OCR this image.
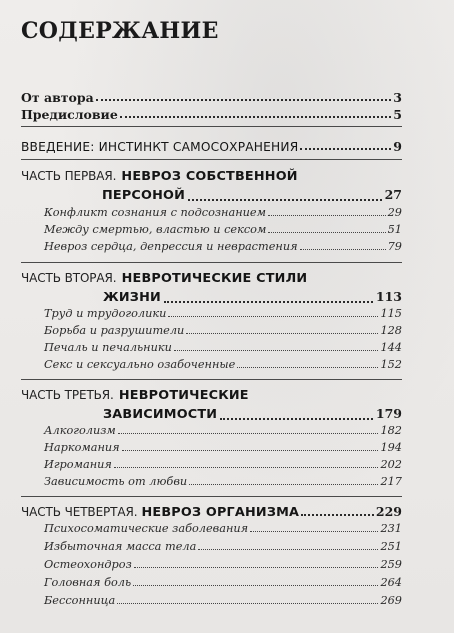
СОДЕРЖАНИЕ
От автора	3
Предисловие	5
ВВЕДЕНИЕ: ИНСТИНКТ САМОСОХРАНЕНИЯ	9
ЧАСТЬ ПЕРВАЯ. НЕВРОЗ СОБСТВЕННОЙ
ПЕРСОНОЙ	27
Конфликт сознания с подсознанием	29
Между смертью, властью и сексом	51
Невроз сердца, депрессия и неврастения	79
ЧАСТЬ ВТОРАЯ. НЕВРОТИЧЕСКИЕ СТИЛИ
ЖИЗНИ	113
Труд и трудоголики	115
Борьба и разрушители	128
Печаль и печальники	144
Секс и сексуально озабоченные	152
ЧАСТЬ ТРЕТЬЯ. НЕВРОТИЧЕСКИЕ
ЗАВИСИМОСТИ	179
Алкоголизм	182
Наркомания	194
Игромания	202
Зависимость от любви	217
ЧАСТЬ ЧЕТВЕРТАЯ. НЕВРОЗ ОРГАНИЗМА	229
Психосоматические заболевания	231
Избыточная масса тела	251
Остеохондроз	259
Головная боль	264
Бессонница	269
